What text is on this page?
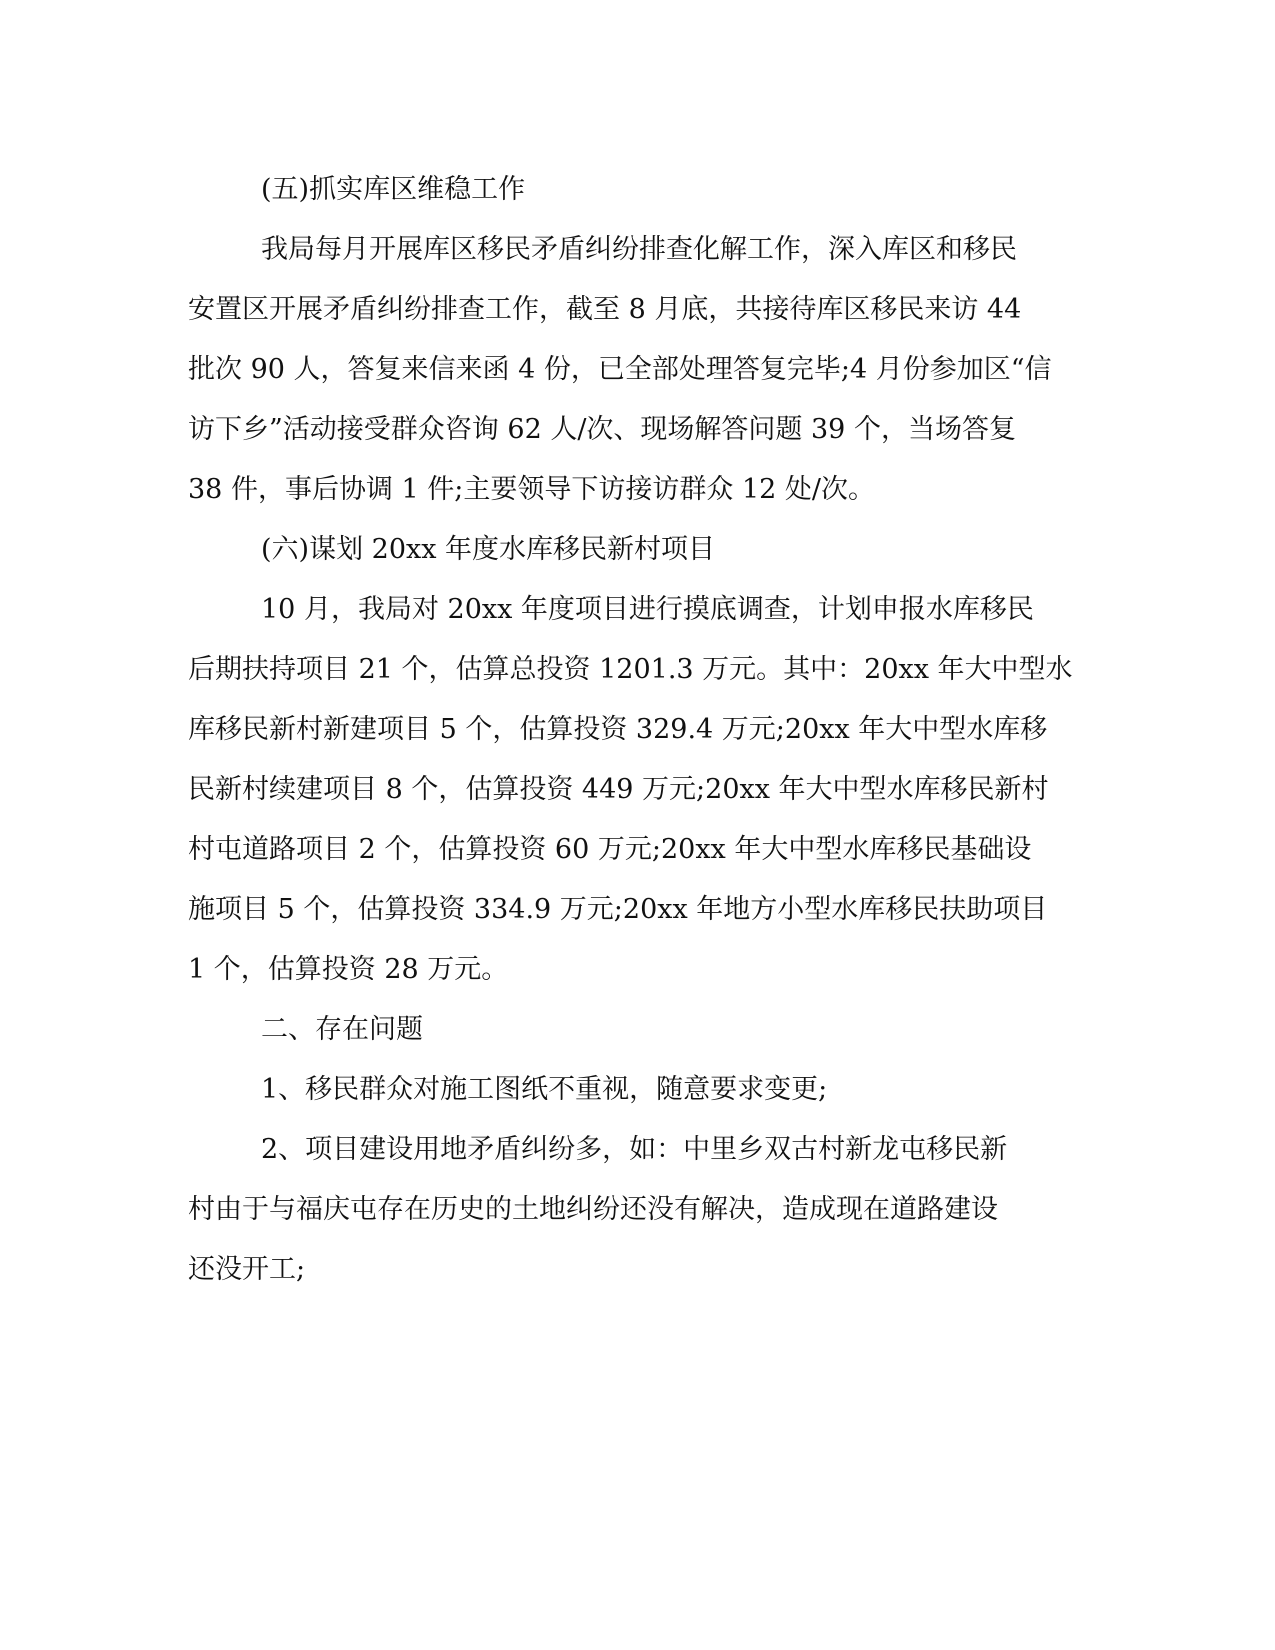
(五)抓实库区维稳工作
我局每月开展库区移民矛盾纠纷排查化解工作，深入库区和移民
安置区开展矛盾纠纷排查工作，截至 8 月底，共接待库区移民来访 44
批次 90 人，答复来信来函 4 份，已全部处理答复完毕;4 月份参加区“信
访下乡”活动接受群众咨询 62 人/次、现场解答问题 39 个，当场答复
38 件，事后协调 1 件;主要领导下访接访群众 12 处/次。
(六)谋划 20xx 年度水库移民新村项目
10 月，我局对 20xx 年度项目进行摸底调查，计划申报水库移民
后期扶持项目 21 个，估算总投资 1201.3 万元。其中：20xx 年大中型水
库移民新村新建项目 5 个，估算投资 329.4 万元;20xx 年大中型水库移
民新村续建项目 8 个，估算投资 449 万元;20xx 年大中型水库移民新村
村屯道路项目 2 个，估算投资 60 万元;20xx 年大中型水库移民基础设
施项目 5 个，估算投资 334.9 万元;20xx 年地方小型水库移民扶助项目
1 个，估算投资 28 万元。
二、存在问题
1、移民群众对施工图纸不重视，随意要求变更;
2、项目建设用地矛盾纠纷多，如：中里乡双古村新龙屯移民新
村由于与福庆屯存在历史的土地纠纷还没有解决，造成现在道路建设
还没开工;
